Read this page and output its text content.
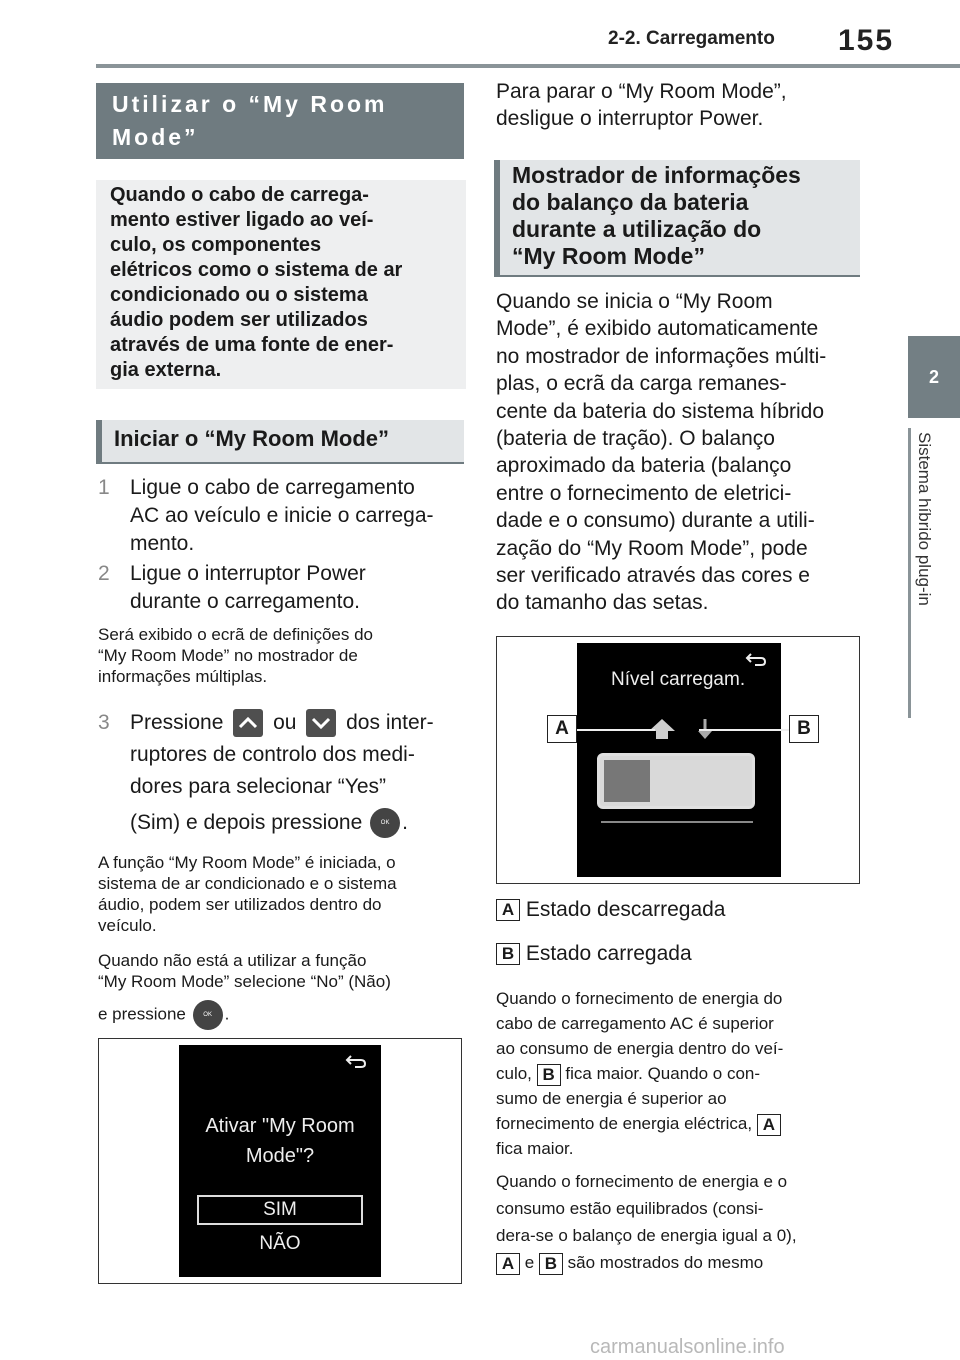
2-2. Carregamento 155
2
Sistema híbrido plug-in
Utilizar o “My Room
Mode”
Quando o cabo de carrega-
mento estiver ligado ao veí-
culo, os componentes
elétricos como o sistema de ar
condicionado ou o sistema
áudio podem ser utilizados
através de uma fonte de ener-
gia externa.
Iniciar o “My Room Mode”
1 Ligue o cabo de carregamento
AC ao veículo e inicie o carrega-
mento.
2 Ligue o interruptor Power
durante o carregamento.
Será exibido o ecrã de definições do
“My Room Mode” no mostrador de
informações múltiplas.
3 Pressione ou dos inter-
ruptores de controlo dos medi-
dores para selecionar “Yes”
(Sim) e depois pressione	OK .
A função “My Room Mode” é iniciada, o
sistema de ar condicionado e o sistema
áudio, podem ser utilizados dentro do
veículo.
Quando não está a utilizar a função
“My Room Mode” selecione “No” (Não)
e pressione	OK .
Ativar "My Room
Mode"?
SIM
NÃO
Para parar o “My Room Mode”,
desligue o interruptor Power.
Mostrador de informações
do balanço da bateria
durante a utilização do
“My Room Mode”
Quando se inicia o “My Room
Mode”, é exibido automaticamente
no mostrador de informações múlti-
plas, o ecrã da carga remanes-
cente da bateria do sistema híbrido
(bateria de tração). O balanço
aproximado da bateria (balanço
entre o fornecimento de eletrici-
dade e o consumo) durante a utili-
zação do “My Room Mode”, pode
ser verificado através das cores e
do tamanho das setas.
Nível carregam.
A	B
A Estado descarregada
B Estado carregada
Quando o fornecimento de energia do
cabo de carregamento AC é superior
ao consumo de energia dentro do veí-
culo, B fica maior. Quando o con-
sumo de energia é superior ao
fornecimento de energia eléctrica, A
fica maior.
Quando o fornecimento de energia e o
consumo estão equilibrados (consi-
dera-se o balanço de energia igual a 0),
A e B são mostrados do mesmo
carmanualsonline.info
